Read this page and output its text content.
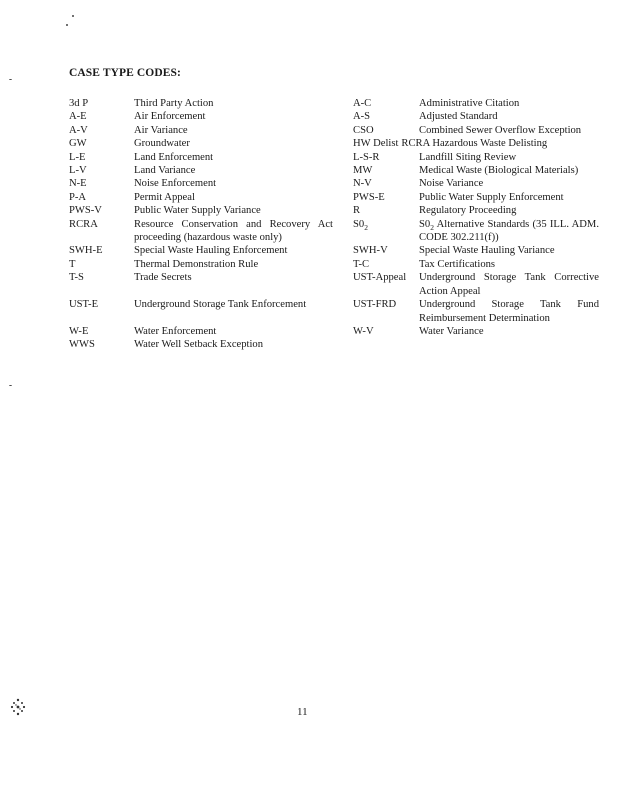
CASE TYPE CODES:
3d P	Third Party Action
A-E	Air Enforcement
A-V	Air Variance
GW	Groundwater
L-E	Land Enforcement
L-V	Land Variance
N-E	Noise Enforcement
P-A	Permit Appeal
PWS-V	Public Water Supply Variance
RCRA	Resource Conservation and Recovery Act proceeding (hazardous waste only)
SWH-E	Special Waste Hauling Enforcement
T	Thermal Demonstration Rule
T-S	Trade Secrets
UST-E	Underground Storage Tank Enforcement
W-E	Water Enforcement
WWS	Water Well Setback Exception
A-C	Administrative Citation
A-S	Adjusted Standard
CSO	Combined Sewer Overflow Exception
HW Delist RCRA Hazardous Waste Delisting
L-S-R	Landfill Siting Review
MW	Medical Waste (Biological Materials)
N-V	Noise Variance
PWS-E	Public Water Supply Enforcement
R	Regulatory Proceeding
$S0_2$	$S0_2$ Alternative Standards (35 ILL. ADM. CODE 302.211(f))
SWH-V	Special Waste Hauling Variance
T-C	Tax Certifications
UST-Appeal	Underground Storage Tank Corrective Action Appeal
UST-FRD	Underground Storage Tank Fund Reimbursement Determination
W-V	Water Variance
11
